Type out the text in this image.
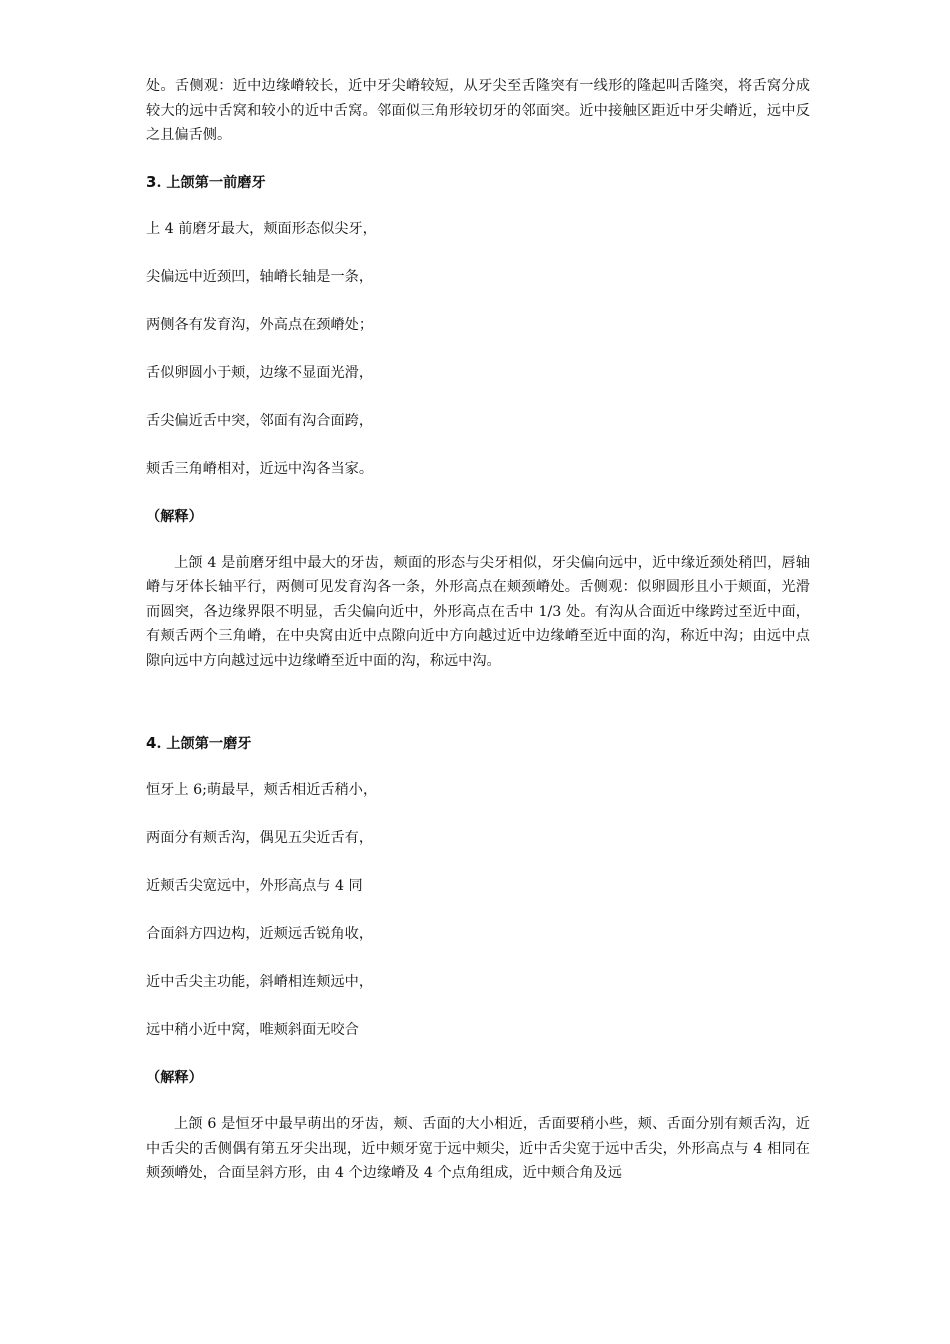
处。舌侧观：近中边缘嵴较长，近中牙尖嵴较短，从牙尖至舌隆突有一线形的隆起叫舌隆突，将舌窝分成较大的远中舌窝和较小的近中舌窝。邻面似三角形较切牙的邻面突。近中接触区距近中牙尖嵴近，远中反之且偏舌侧。

3. 上颌第一前磨牙

上 4 前磨牙最大，颊面形态似尖牙，

尖偏远中近颈凹，轴嵴长轴是一条，

两侧各有发育沟，外高点在颈嵴处；

舌似卵圆小于颊，边缘不显面光滑，

舌尖偏近舌中突，邻面有沟合面跨，

颊舌三角嵴相对，近远中沟各当家。

（解释）

上颌 4 是前磨牙组中最大的牙齿，颊面的形态与尖牙相似，牙尖偏向远中，近中缘近颈处稍凹，唇轴嵴与牙体长轴平行，两侧可见发育沟各一条，外形高点在颊颈嵴处。舌侧观：似卵圆形且小于颊面，光滑而圆突，各边缘界限不明显，舌尖偏向近中，外形高点在舌中 1/3 处。有沟从合面近中缘跨过至近中面，有颊舌两个三角嵴，在中央窝由近中点隙向近中方向越过近中边缘嵴至近中面的沟，称近中沟；由远中点隙向远中方向越过远中边缘嵴至近中面的沟，称远中沟。

4. 上颌第一磨牙

恒牙上 6;萌最早，颊舌相近舌稍小，

两面分有颊舌沟，偶见五尖近舌有，

近颊舌尖宽远中，外形高点与 4 同

合面斜方四边构，近颊远舌锐角收，

近中舌尖主功能，斜嵴相连颊远中，

远中稍小近中窝，唯颊斜面无咬合

（解释）

上颌 6 是恒牙中最早萌出的牙齿，颊、舌面的大小相近，舌面要稍小些，颊、舌面分别有颊舌沟，近中舌尖的舌侧偶有第五牙尖出现，近中颊牙宽于远中颊尖，近中舌尖宽于远中舌尖，外形高点与 4 相同在颊颈嵴处，合面呈斜方形，由 4 个边缘嵴及 4 个点角组成，近中颊合角及远
